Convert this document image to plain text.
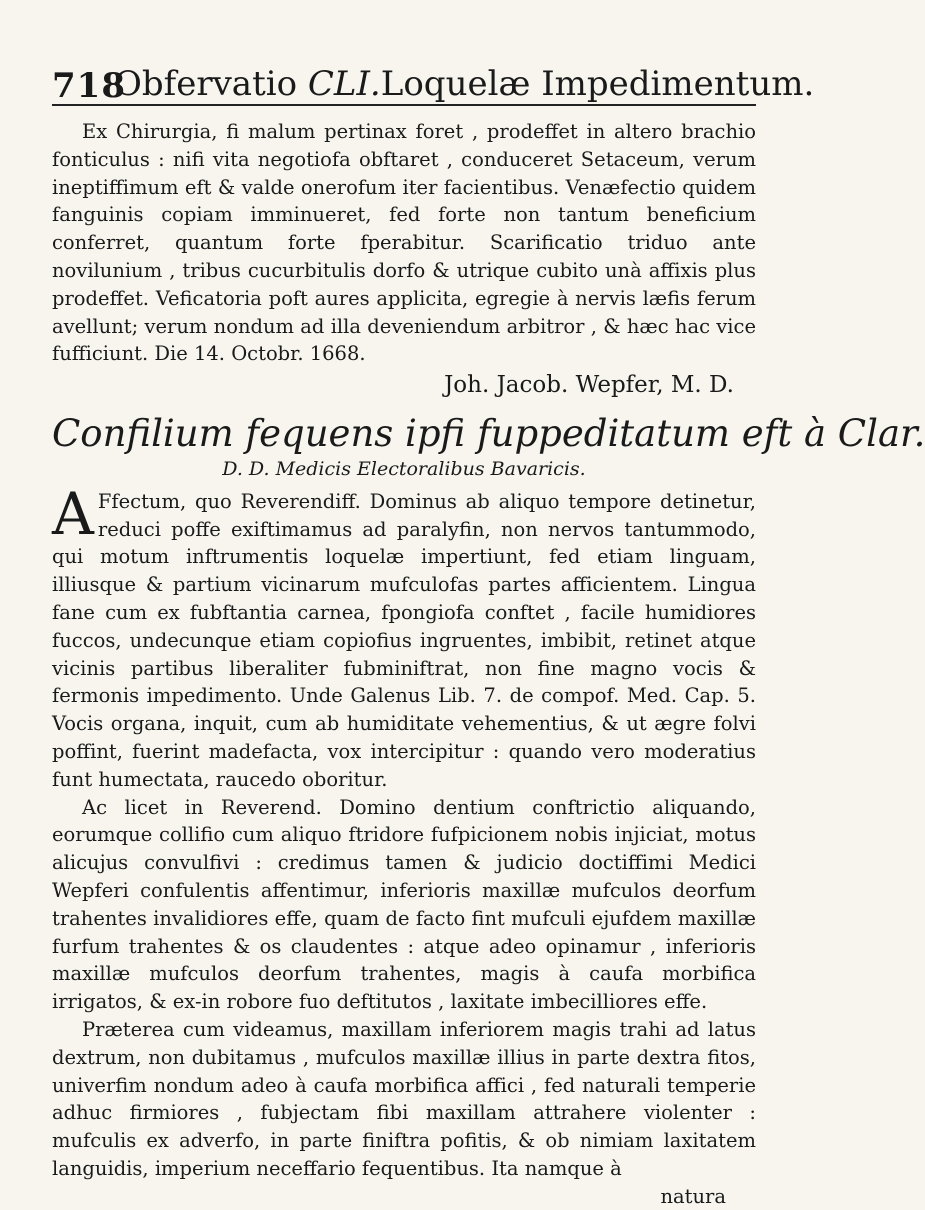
718
Obfervatio CLI.Loquelæ Impedimentum.

Ex Chirurgia, fi malum pertinax foret , prodeffet in altero brachio fonticulus : nifi vita negotiofa obftaret , conduceret Setaceum, verum ineptiffimum eft & valde onerofum iter facientibus. Venæfectio quidem fanguinis copiam imminueret, fed forte non tantum beneficium conferret, quantum forte fperabitur. Scarificatio triduo ante novilunium , tribus cucurbitulis dorfo & utrique cubito unà affixis plus prodeffet. Veficatoria poft aures applicita, egregie à nervis læfis ferum avellunt; verum nondum ad illa deveniendum arbitror , & hæc hac vice fufficiunt. Die 14. Octobr. 1668.

Joh. Jacob. Wepfer, M. D.
Confilium fequens ipfi fuppeditatum eft à Clar.
D. D. Medicis Electoralibus Bavaricis.

A Ffectum, quo Reverendiff. Dominus ab aliquo tempore detinetur, reduci poffe exiftimamus ad paralyfin, non nervos tantummodo, qui motum inftrumentis loquelæ impertiunt, fed etiam linguam, illiusque & partium vicinarum mufculofas partes afficientem. Lingua fane cum ex fubftantia carnea, fpongiofa conftet , facile humidiores fuccos, undecunque etiam copiofius ingruentes, imbibit, retinet atque vicinis partibus liberaliter fubminiftrat, non fine magno vocis & fermonis impedimento. Unde Galenus Lib. 7. de compof. Med. Cap. 5. Vocis organa, inquit, cum ab humiditate vehementius, & ut ægre folvi poffint, fuerint madefacta, vox intercipitur : quando vero moderatius funt humectata, raucedo oboritur.

Ac licet in Reverend. Domino dentium conftrictio aliquando, eorumque collifio cum aliquo ftridore fufpicionem nobis injiciat, motus alicujus convulfivi : credimus tamen & judicio doctiffimi Medici Wepferi confulentis affentimur, inferioris maxillæ mufculos deorfum trahentes invalidiores effe, quam de facto fint mufculi ejufdem maxillæ furfum trahentes & os claudentes : atque adeo opinamur , inferioris maxillæ mufculos deorfum trahentes, magis à caufa morbifica irrigatos, & ex-in robore fuo deftitutos , laxitate imbecilliores effe.

Præterea cum videamus, maxillam inferiorem magis trahi ad latus dextrum, non dubitamus , mufculos maxillæ illius in parte dextra fitos, univerfim nondum adeo à caufa morbifica affici , fed naturali temperie adhuc firmiores , fubjectam fibi maxillam attrahere violenter : mufculis ex adverfo, in parte finiftra pofitis, & ob nimiam laxitatem languidis, imperium neceffario fequentibus. Ita namque à

natura
